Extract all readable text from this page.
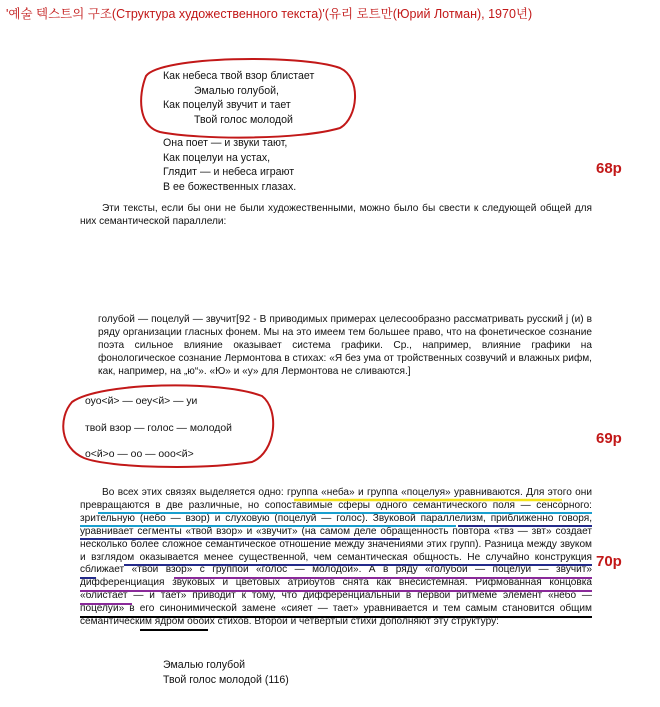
'예술 텍스트의 구조(Структура художественного текста)'(유리 로트만(Юрий Лотман), 1970년)
Как небеса твой взор блистает
Эмалью голубой,
Как поцелуй звучит и тает
Твой голос молодой
Она поет — и звуки тают,
Как поцелуи на устах,
Глядит — и небеса играют
В ее божественных глазах.
68p
69p
70p
Эти тексты, если бы они не были художественными, можно было бы свести к следующей общей для них семантической параллели:
голубой — поцелуй — звучит[92 - В приводимых примерах целесообразно рассматривать русский j (и) в ряду организации гласных фонем. Мы на это имеем тем большее право, что на фонетическое сознание поэта сильное влияние оказывает система графики. Ср., например, влияние графики на фонологическое сознание Лермонтова в стихах: «Я без ума от тройственных созвучий и влажных рифм, как, например, на „ю“». «Ю» и «у» для Лермонтова не сливаются.]
оуо<й> — оеу<й> — уи
твой взор — голос — молодой
о<й>о — оо — ооо<й>
Во всех этих связях выделяется одно: группа «неба» и группа «поцелуя» уравниваются. Для этого они превращаются в две различные, но сопоставимые сферы одного семантического поля — сенсорного: зрительную (небо — взор) и слуховую (поцелуй — голос). Звуковой параллелизм, приближенно говоря, уравнивает сегменты «твой взор» и «звучит» (на самом деле обращенность повтора «твз — звт» создает несколько более сложное семантическое отношение между значениями этих групп). Разница между звуком и взглядом оказывается менее существенной, чем семантическая общность. Не случайно конструкция сближает «твой взор» с группой «голос — молодой». А в ряду «голубой — поцелуй — звучит» дифференциация звуковых и цветовых атрибутов снята как внесистемная. Рифмованная концовка «блистает — и тает» приводит к тому, что дифференциальный в первой ритмеме элемент «небо — поцелуй» в его синонимической замене «сияет — тает» уравнивается и тем самым становится общим семантическим ядром обоих стихов. Второй и четвертый стихи дополняют эту структуру:
Эмалью голубой
Твой голос молодой (116)
